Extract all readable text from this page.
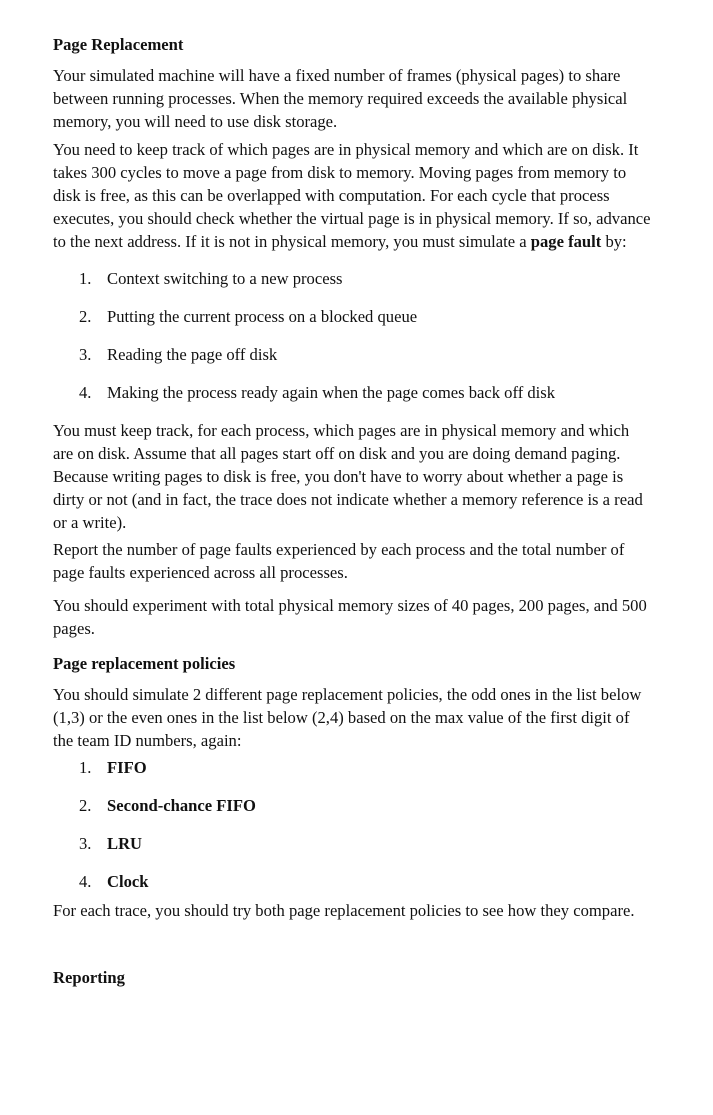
Page Replacement

Your simulated machine will have a fixed number of frames (physical pages) to share between running processes. When the memory required exceeds the available physical memory, you will need to use disk storage.

You need to keep track of which pages are in physical memory and which are on disk. It takes 300 cycles to move a page from disk to memory. Moving pages from memory to disk is free, as this can be overlapped with computation. For each cycle that process executes, you should check whether the virtual page is in physical memory. If so, advance to the next address. If it is not in physical memory, you must simulate a page fault by:

1. Context switching to a new process
2. Putting the current process on a blocked queue
3. Reading the page off disk
4. Making the process ready again when the page comes back off disk

You must keep track, for each process, which pages are in physical memory and which are on disk. Assume that all pages start off on disk and you are doing demand paging. Because writing pages to disk is free, you don't have to worry about whether a page is dirty or not (and in fact, the trace does not indicate whether a memory reference is a read or a write).

Report the number of page faults experienced by each process and the total number of page faults experienced across all processes.

You should experiment with total physical memory sizes of 40 pages, 200 pages, and 500 pages.

Page replacement policies

You should simulate 2 different page replacement policies, the odd ones in the list below (1,3) or the even ones in the list below (2,4) based on the max value of the first digit of the team ID numbers, again:

1. FIFO
2. Second-chance FIFO
3. LRU
4. Clock

For each trace, you should try both page replacement policies to see how they compare.

Reporting
